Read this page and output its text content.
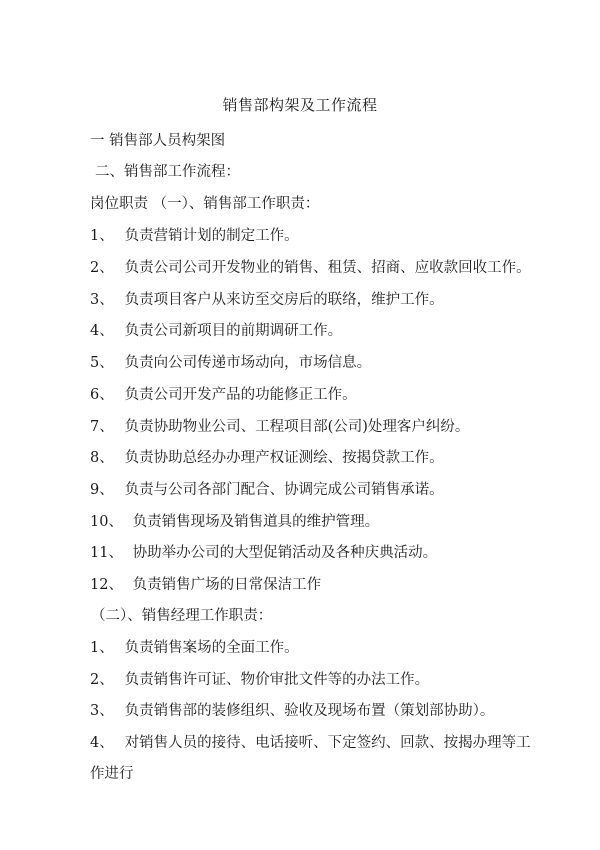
销售部构架及工作流程
一 销售部人员构架图
二、销售部工作流程：
岗位职责 （一）、销售部工作职责：
1、 负责营销计划的制定工作。
2、 负责公司公司开发物业的销售、租赁、招商、应收款回收工作。
3、 负责项目客户从来访至交房后的联络，维护工作。
4、 负责公司新项目的前期调研工作。
5、 负责向公司传递市场动向，市场信息。
6、 负责公司开发产品的功能修正工作。
7、 负责协助物业公司、工程项目部(公司)处理客户纠纷。
8、 负责协助总经办办理产权证测绘、按揭贷款工作。
9、 负责与公司各部门配合、协调完成公司销售承诺。
10、 负责销售现场及销售道具的维护管理。
11、 协助举办公司的大型促销活动及各种庆典活动。
12、 负责销售广场的日常保洁工作
（二）、销售经理工作职责：
1、 负责销售案场的全面工作。
2、 负责销售许可证、物价审批文件等的办法工作。
3、 负责销售部的装修组织、验收及现场布置（策划部协助）。
4、 对销售人员的接待、电话接听、下定签约、回款、按揭办理等工
作进行
